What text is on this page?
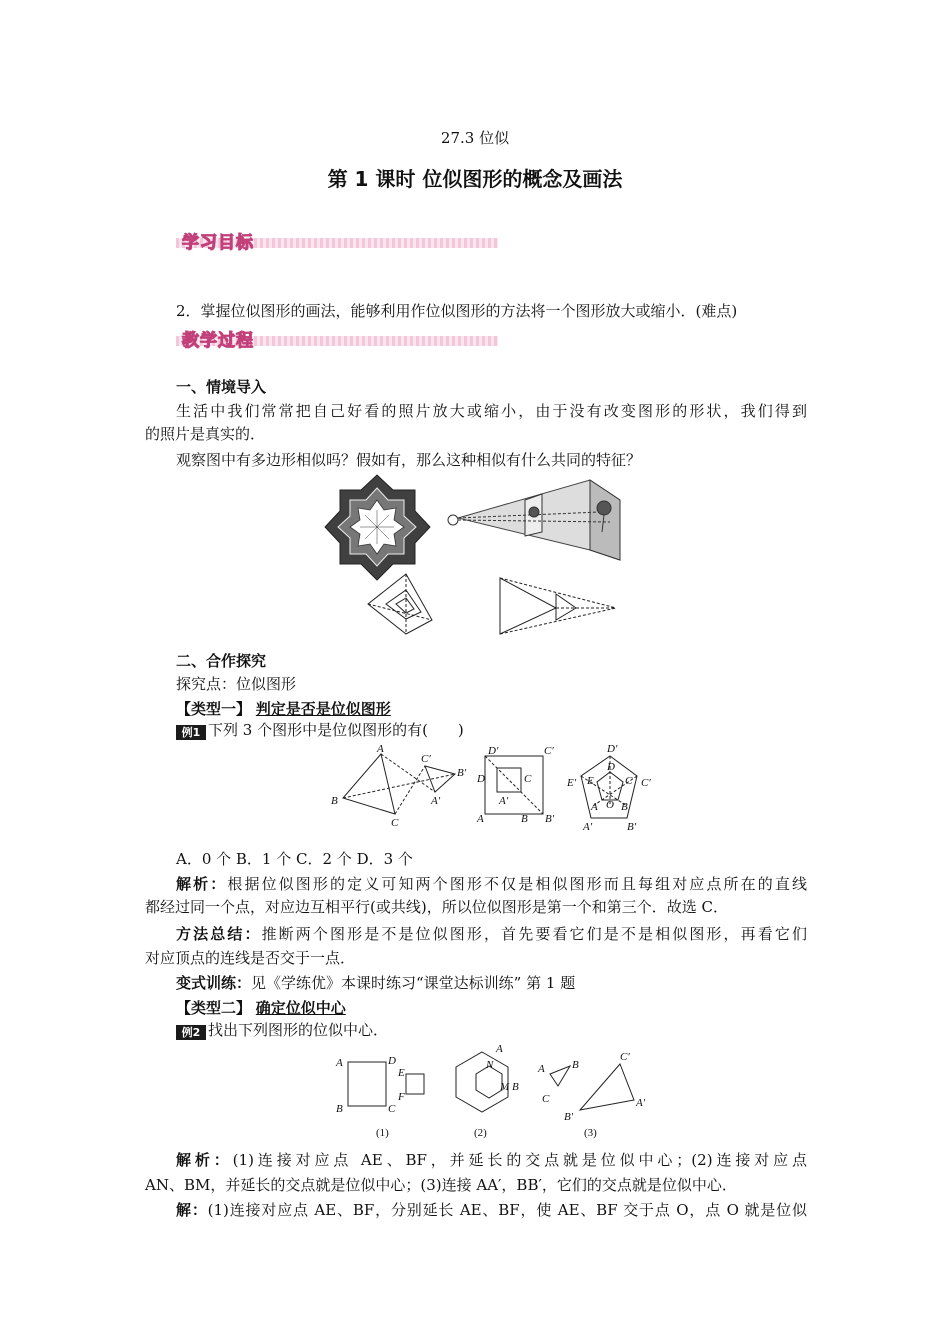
27.3 位似
第 1 课时 位似图形的概念及画法
学习目标
2．掌握位似图形的画法，能够利用作位似图形的方法将一个图形放大或缩小．(难点)
教学过程
一、情境导入
生活中我们常常把自己好看的照片放大或缩小，由于没有改变图形的形状，我们得到
的照片是真实的．
观察图中有多边形相似吗？假如有，那么这种相似有什么共同的特征？
二、合作探究
探究点：位似图形
【类型一】 判定是否是位似图形
例1 下列 3 个图形中是位似图形的有(　　)
A
B
C
A′
B′
C′
D′	C′
D	C
A′
A	B B′
D′
D
E′ E	C C′
O
A B
A′	B′
A．0 个 B．1 个 C．2 个 D．3 个
解析：根据位似图形的定义可知两个图形不仅是相似图形而且每组对应点所在的直线
都经过同一个点，对应边互相平行(或共线)，所以位似图形是第一个和第三个．故选 C．
方法总结：推断两个图形是不是位似图形，首先要看它们是不是相似图形，再看它们
对应顶点的连线是否交于一点．
变式训练：见《学练优》本课时练习“课堂达标训练” 第 1 题
【类型二】 确定位似中心
例2 找出下列图形的位似中心．
A	D
E
F
B	C
(1)
A
N
M B
(2)
A B
C
C′
A′
B′
(3)
解析：(1)连接对应点 AE、BF，并延长的交点就是位似中心；(2)连接对应点
AN、BM，并延长的交点就是位似中心；(3)连接 AA′，BB′，它们的交点就是位似中心．
解：(1)连接对应点 AE、BF，分别延长 AE、BF，使 AE、BF 交于点 O，点 O 就是位似
